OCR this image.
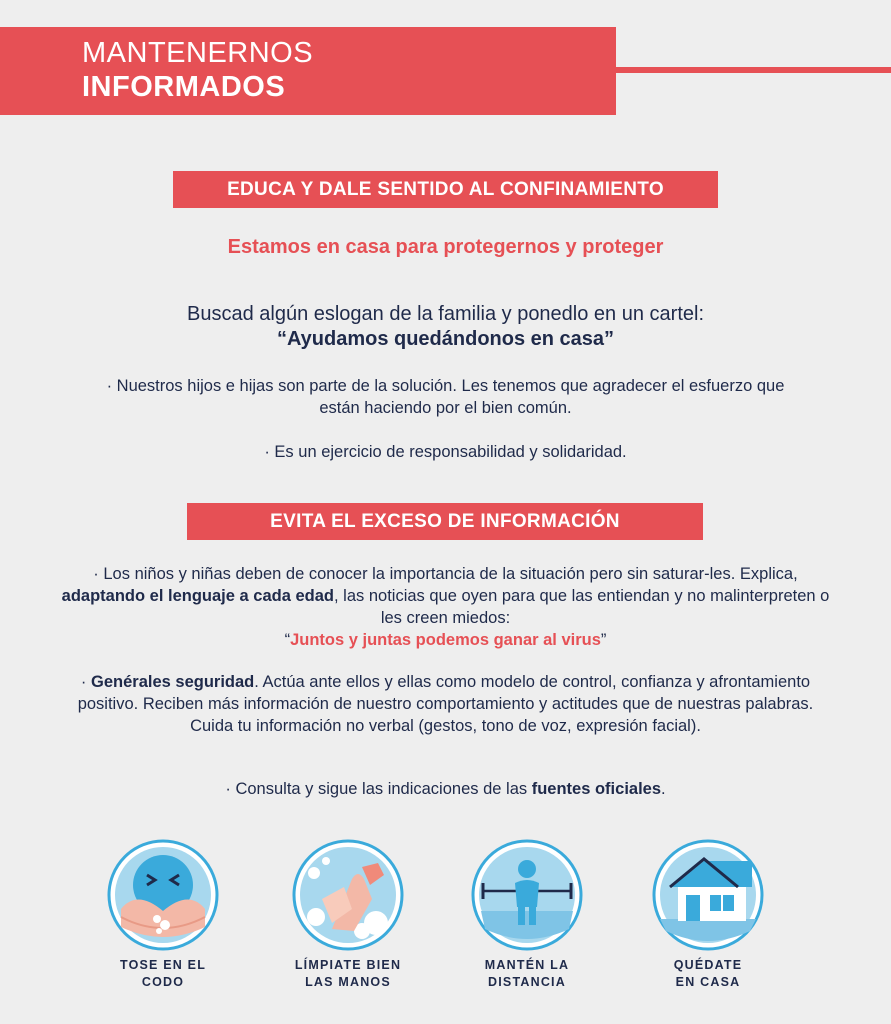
MANTENERNOS
INFORMADOS
EDUCA Y DALE SENTIDO AL CONFINAMIENTO
Estamos en casa para protegernos y proteger
Buscad algún eslogan de la familia y ponedlo en un cartel:
“Ayudamos quedándonos en casa”
· Nuestros hijos e hijas son parte de la solución. Les tenemos que agradecer el esfuerzo que están haciendo por el bien común.
· Es un ejercicio de responsabilidad y solidaridad.
EVITA EL EXCESO DE INFORMACIÓN
· Los niños y niñas deben de conocer la importancia de la situación pero sin saturar-les. Explica, adaptando el lenguaje a cada edad, las noticias que oyen para que las entiendan y no malinterpreten o les creen miedos:
“Juntos y juntas podemos ganar al virus”
· Genérales seguridad. Actúa ante ellos y ellas como modelo de control, confianza y afrontamiento positivo. Reciben más información de nuestro comportamiento y actitudes que de nuestras palabras. Cuida tu información no verbal (gestos, tono de voz, expresión facial).
· Consulta y sigue las indicaciones de las fuentes oficiales.
TOSE EN EL
CODO
LÍMPIATE BIEN
LAS MANOS
MANTÉN LA
DISTANCIA
QUÉDATE
EN CASA
